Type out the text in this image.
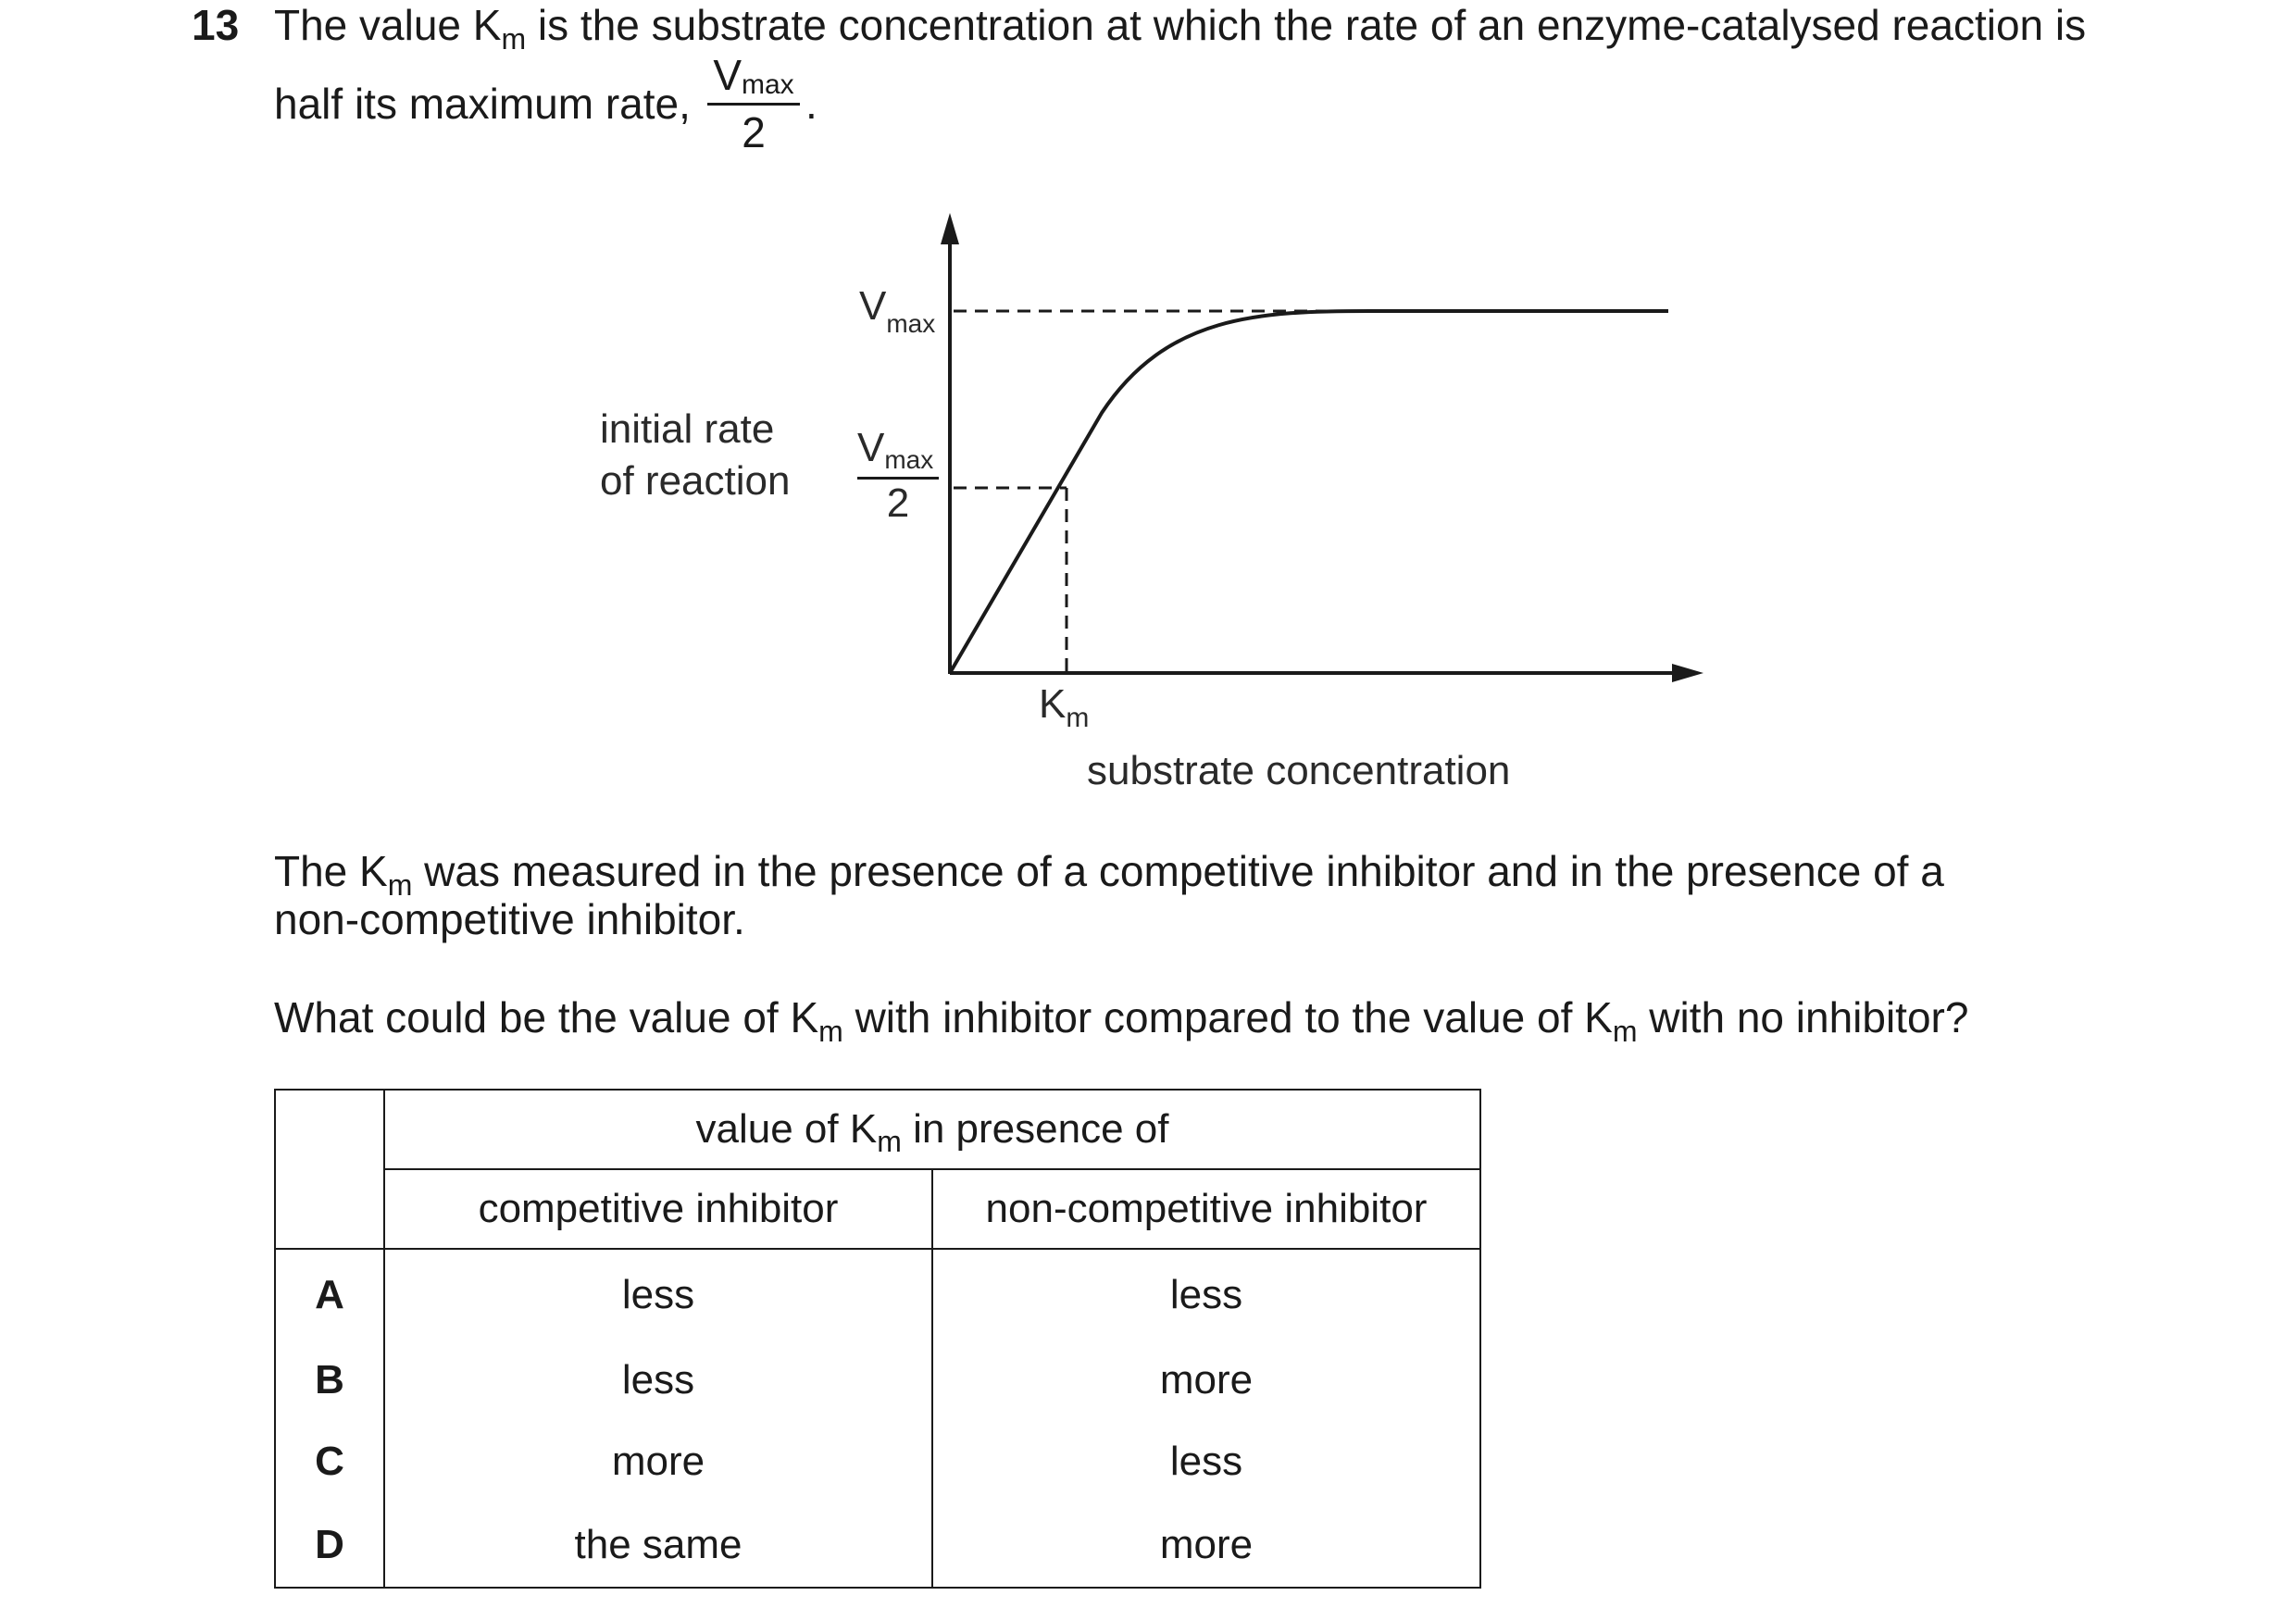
13 The value $K_m$ is the substrate concentration at which the rate of an enzyme-catalysed reaction is
half its maximum rate,
Vmax
2
.
initial rate
of reaction
$V_{max}$
Vmax
2
$K_m$
substrate concentration
The $K_m$ was measured in the presence of a competitive inhibitor and in the presence of a
non-competitive inhibitor.
What could be the value of $K_m$ with inhibitor compared to the value of $K_m$ with no inhibitor?
	value of $K_m$ in presence of	
	competitive inhibitor	non-competitive inhibitor
A	less	less
B	less	more
C	more	less
D	the same	more
